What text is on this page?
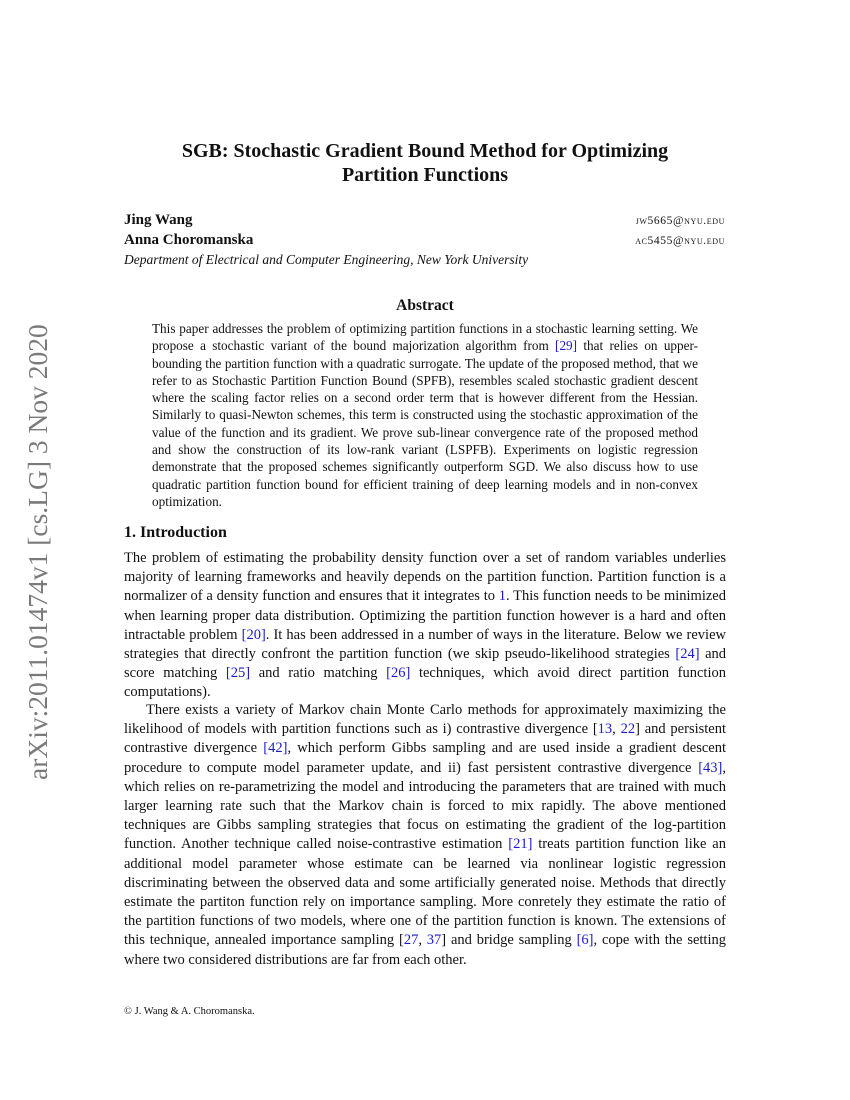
arXiv:2011.01474v1 [cs.LG] 3 Nov 2020
SGB: Stochastic Gradient Bound Method for Optimizing
Partition Functions
Jing Wang	jw5665@nyu.edu
Anna Choromanska	ac5455@nyu.edu
Department of Electrical and Computer Engineering, New York University
Abstract
This paper addresses the problem of optimizing partition functions in a stochastic learning setting. We propose a stochastic variant of the bound majorization algorithm from [29] that relies on upper-bounding the partition function with a quadratic surrogate. The update of the proposed method, that we refer to as Stochastic Partition Function Bound (SPFB), resembles scaled stochastic gradient descent where the scaling factor relies on a second order term that is however different from the Hessian. Similarly to quasi-Newton schemes, this term is constructed using the stochastic approximation of the value of the function and its gradient. We prove sub-linear convergence rate of the proposed method and show the construction of its low-rank variant (LSPFB). Experiments on logistic regression demonstrate that the proposed schemes significantly outperform SGD. We also discuss how to use quadratic partition function bound for efficient training of deep learning models and in non-convex optimization.
1. Introduction
The problem of estimating the probability density function over a set of random variables underlies majority of learning frameworks and heavily depends on the partition function. Partition function is a normalizer of a density function and ensures that it integrates to 1. This function needs to be minimized when learning proper data distribution. Optimizing the partition function however is a hard and often intractable problem [20]. It has been addressed in a number of ways in the literature. Below we review strategies that directly confront the partition function (we skip pseudo-likelihood strategies [24] and score matching [25] and ratio matching [26] techniques, which avoid direct partition function computations).
There exists a variety of Markov chain Monte Carlo methods for approximately maximizing the likelihood of models with partition functions such as i) contrastive divergence [13, 22] and persistent contrastive divergence [42], which perform Gibbs sampling and are used inside a gradient descent procedure to compute model parameter update, and ii) fast persistent contrastive divergence [43], which relies on re-parametrizing the model and introducing the parameters that are trained with much larger learning rate such that the Markov chain is forced to mix rapidly. The above mentioned techniques are Gibbs sampling strategies that focus on estimating the gradient of the log-partition function. Another technique called noise-contrastive estimation [21] treats partition function like an additional model parameter whose estimate can be learned via nonlinear logistic regression discriminating between the observed data and some artificially generated noise. Methods that directly estimate the partiton function rely on importance sampling. More conretely they estimate the ratio of the partition functions of two models, where one of the partition function is known. The extensions of this technique, annealed importance sampling [27, 37] and bridge sampling [6], cope with the setting where two considered distributions are far from each other.
© J. Wang & A. Choromanska.
